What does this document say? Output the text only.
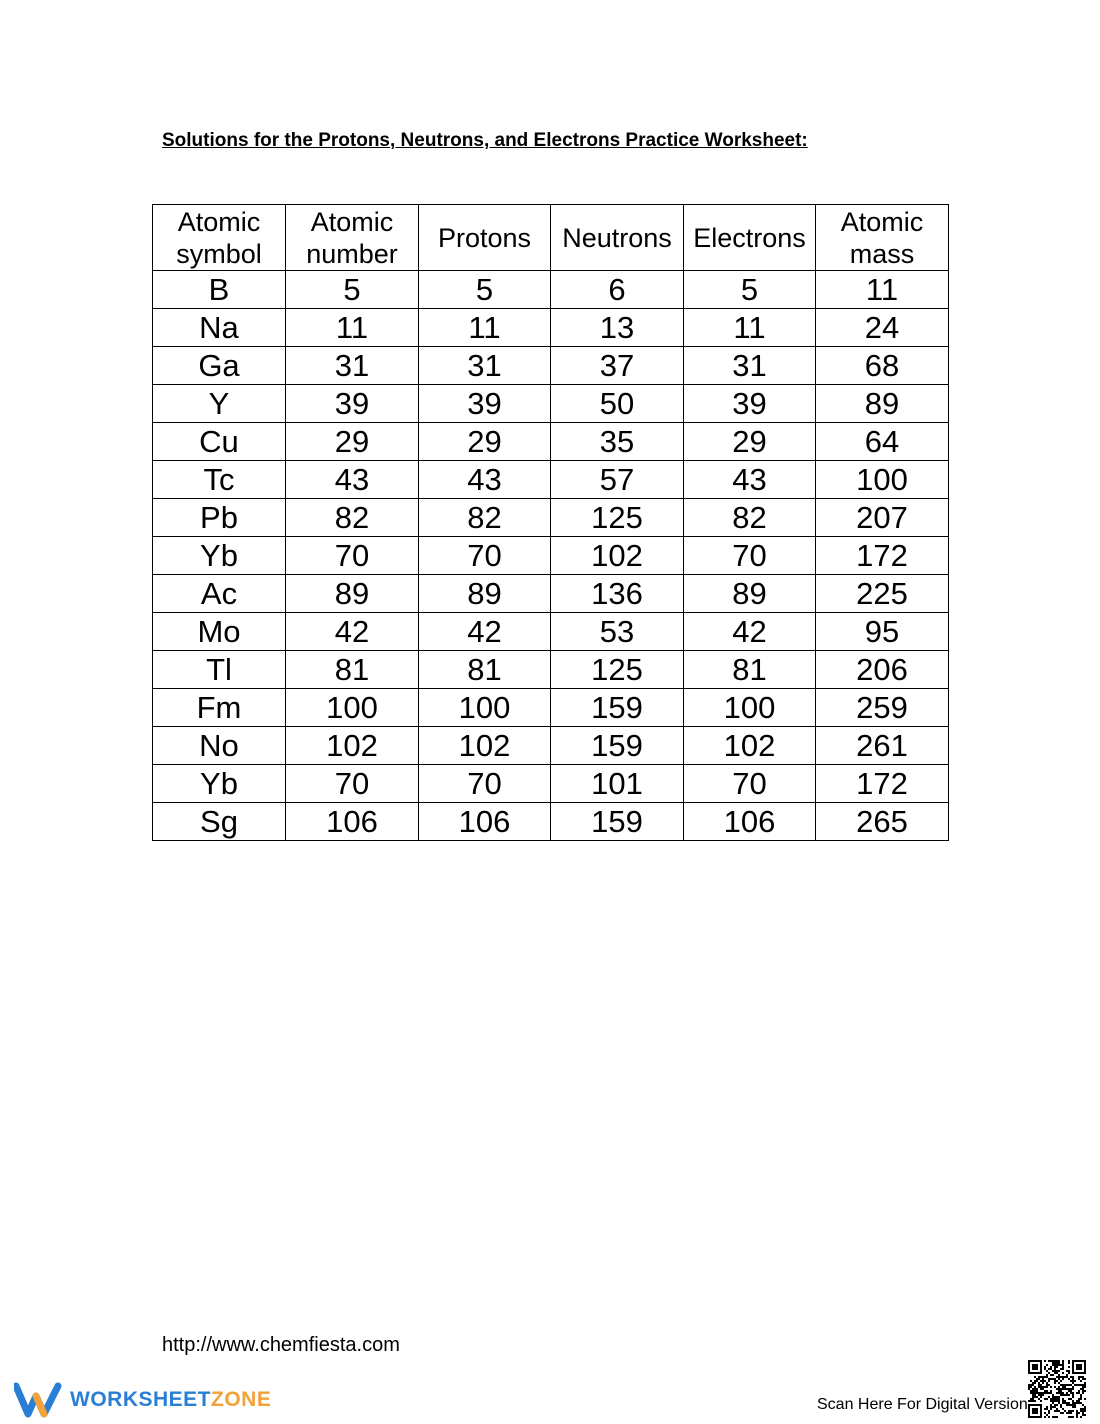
Solutions for the Protons, Neutrons, and Electrons Practice Worksheet:
Atomic symbol	Atomic number	Protons	Neutrons	Electrons	Atomic mass
B	5	5	6	5	11
Na	11	11	13	11	24
Ga	31	31	37	31	68
Y	39	39	50	39	89
Cu	29	29	35	29	64
Tc	43	43	57	43	100
Pb	82	82	125	82	207
Yb	70	70	102	70	172
Ac	89	89	136	89	225
Mo	42	42	53	42	95
Tl	81	81	125	81	206
Fm	100	100	159	100	259
No	102	102	159	102	261
Yb	70	70	101	70	172
Sg	106	106	159	106	265
http://www.chemfiesta.com
WORKSHEETZONE	Scan Here For Digital Version
